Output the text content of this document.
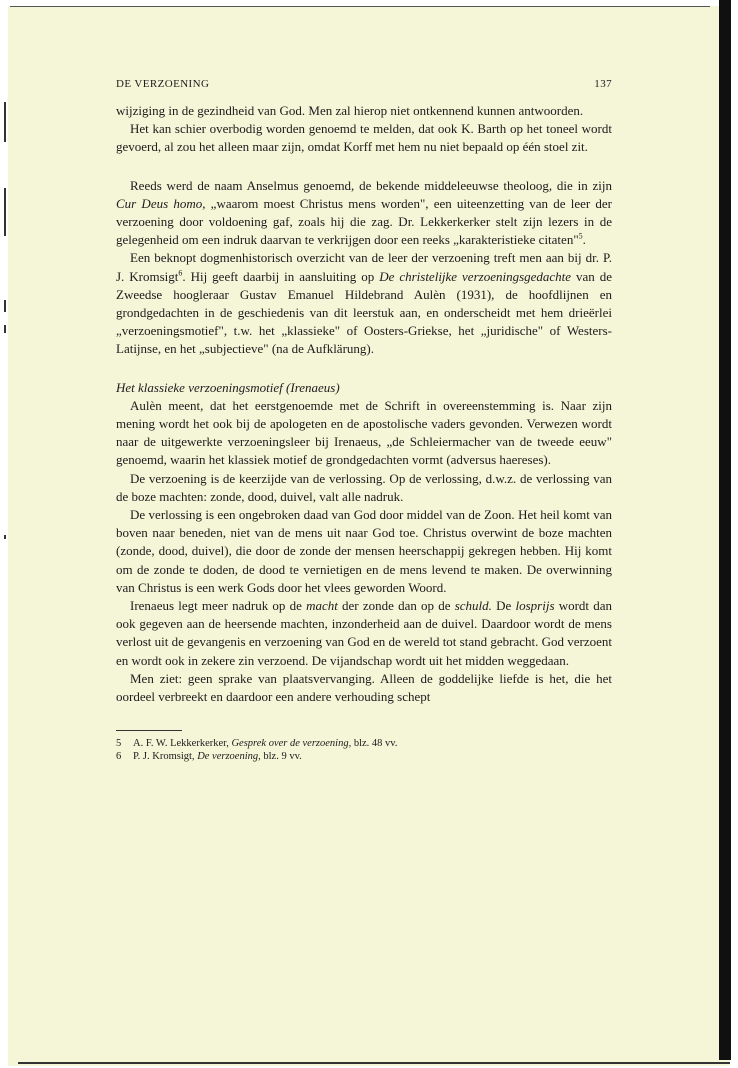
DE VERZOENING	137

wijziging in de gezindheid van God. Men zal hierop niet ontkennend kunnen antwoorden.

Het kan schier overbodig worden genoemd te melden, dat ook K. Barth op het toneel wordt gevoerd, al zou het alleen maar zijn, omdat Korff met hem nu niet bepaald op één stoel zit.

Reeds werd de naam Anselmus genoemd, de bekende middeleeuwse theoloog, die in zijn Cur Deus homo, „waarom moest Christus mens worden", een uiteenzetting van de leer der verzoening door voldoening gaf, zoals hij die zag. Dr. Lekkerkerker stelt zijn lezers in de gelegenheid om een indruk daarvan te verkrijgen door een reeks „karakteristieke citaten"$^5$.

Een beknopt dogmenhistorisch overzicht van de leer der verzoening treft men aan bij dr. P. J. Kromsigt$^6$. Hij geeft daarbij in aansluiting op De christelijke verzoeningsgedachte van de Zweedse hoogleraar Gustav Emanuel Hildebrand Aulèn (1931), de hoofdlijnen en grondgedachten in de geschiedenis van dit leerstuk aan, en onderscheidt met hem drieërlei „verzoeningsmotief", t.w. het „klassieke" of Oosters-Griekse, het „juridische" of Westers-Latijnse, en het „subjectieve" (na de Aufklärung).

Het klassieke verzoeningsmotief (Irenaeus)

Aulèn meent, dat het eerstgenoemde met de Schrift in overeenstemming is. Naar zijn mening wordt het ook bij de apologeten en de apostolische vaders gevonden. Verwezen wordt naar de uitgewerkte verzoeningsleer bij Irenaeus, „de Schleiermacher van de tweede eeuw" genoemd, waarin het klassiek motief de grondgedachten vormt (adversus haereses).

De verzoening is de keerzijde van de verlossing. Op de verlossing, d.w.z. de verlossing van de boze machten: zonde, dood, duivel, valt alle nadruk.

De verlossing is een ongebroken daad van God door middel van de Zoon. Het heil komt van boven naar beneden, niet van de mens uit naar God toe. Christus overwint de boze machten (zonde, dood, duivel), die door de zonde der mensen heerschappij gekregen hebben. Hij komt om de zonde te doden, de dood te vernietigen en de mens levend te maken. De overwinning van Christus is een werk Gods door het vlees geworden Woord.

Irenaeus legt meer nadruk op de macht der zonde dan op de schuld. De losprijs wordt dan ook gegeven aan de heersende machten, inzonderheid aan de duivel. Daardoor wordt de mens verlost uit de gevangenis en verzoening van God en de wereld tot stand gebracht. God verzoent en wordt ook in zekere zin verzoend. De vijandschap wordt uit het midden weggedaan.

Men ziet: geen sprake van plaatsvervanging. Alleen de goddelijke liefde is het, die het oordeel verbreekt en daardoor een andere verhouding schept

5	A. F. W. Lekkerkerker, Gesprek over de verzoening, blz. 48 vv.
6	P. J. Kromsigt, De verzoening, blz. 9 vv.
